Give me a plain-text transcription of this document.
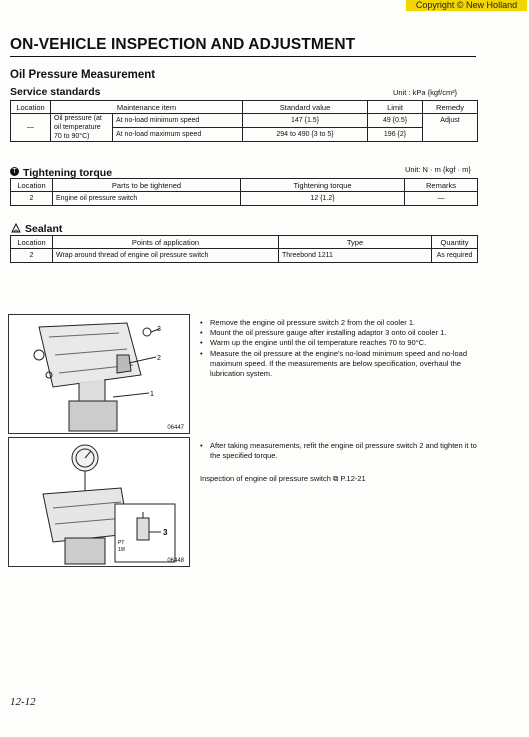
Copyright © New Holland
ON-VEHICLE INSPECTION AND ADJUSTMENT
Oil Pressure Measurement
Service standards	Unit : kPa {kgf/cm²}
Location	Maintenance item		Standard value	Limit	Remedy
—	Oil pressure (at oil temperature 70 to 90°C)	At no-load minimum speed	147 {1.5}	49 {0.5}	Adjust
		At no-load maximum speed	294 to 490 {3 to 5}	196 {2}	
T Tightening torque	Unit: N · m {kgf · m}
Location	Parts to be tightened	Tightening torque	Remarks
2	Engine oil pressure switch	12 {1.2}	—
Sealant
Location	Points of application	Type	Quantity
2	Wrap around thread of engine oil pressure switch	Threebond 1211	As required
3
2
1
06447
3
PT
1/8
06448
• Remove the engine oil pressure switch 2 from the oil cooler 1.
• Mount the oil pressure gauge after installing adaptor 3 onto oil cooler 1.
• Warm up the engine until the oil temperature reaches 70 to 90°C.
• Measure the oil pressure at the engine's no-load minimum speed and no-load maximum speed. If the measurements are below specification, overhaul the lubrication system.
• After taking measurements, refit the engine oil pressure switch 2 and tighten it to the specified torque.
Inspection of engine oil pressure switch ⧉ P.12-21
12-12
